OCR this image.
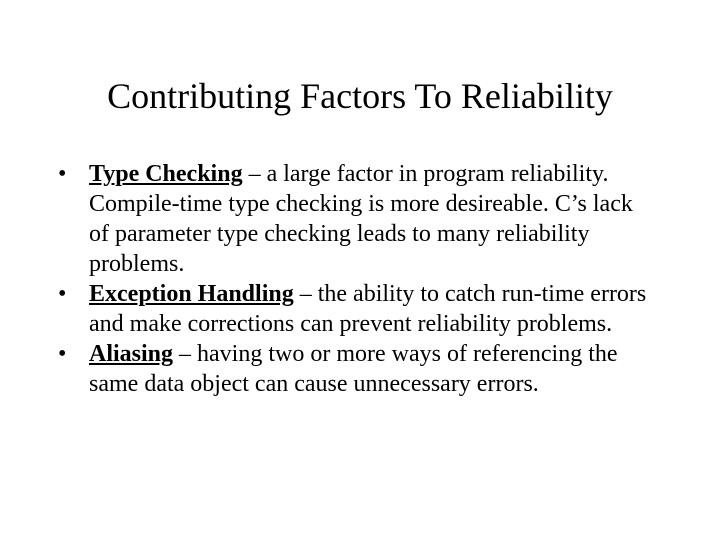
Contributing Factors To Reliability
• Type Checking – a large factor in program reliability. Compile-time type checking is more desireable. C’s lack of parameter type checking leads to many reliability problems.
• Exception Handling – the ability to catch run-time errors and make corrections can prevent reliability problems.
• Aliasing – having two or more ways of referencing the same data object can cause unnecessary errors.
